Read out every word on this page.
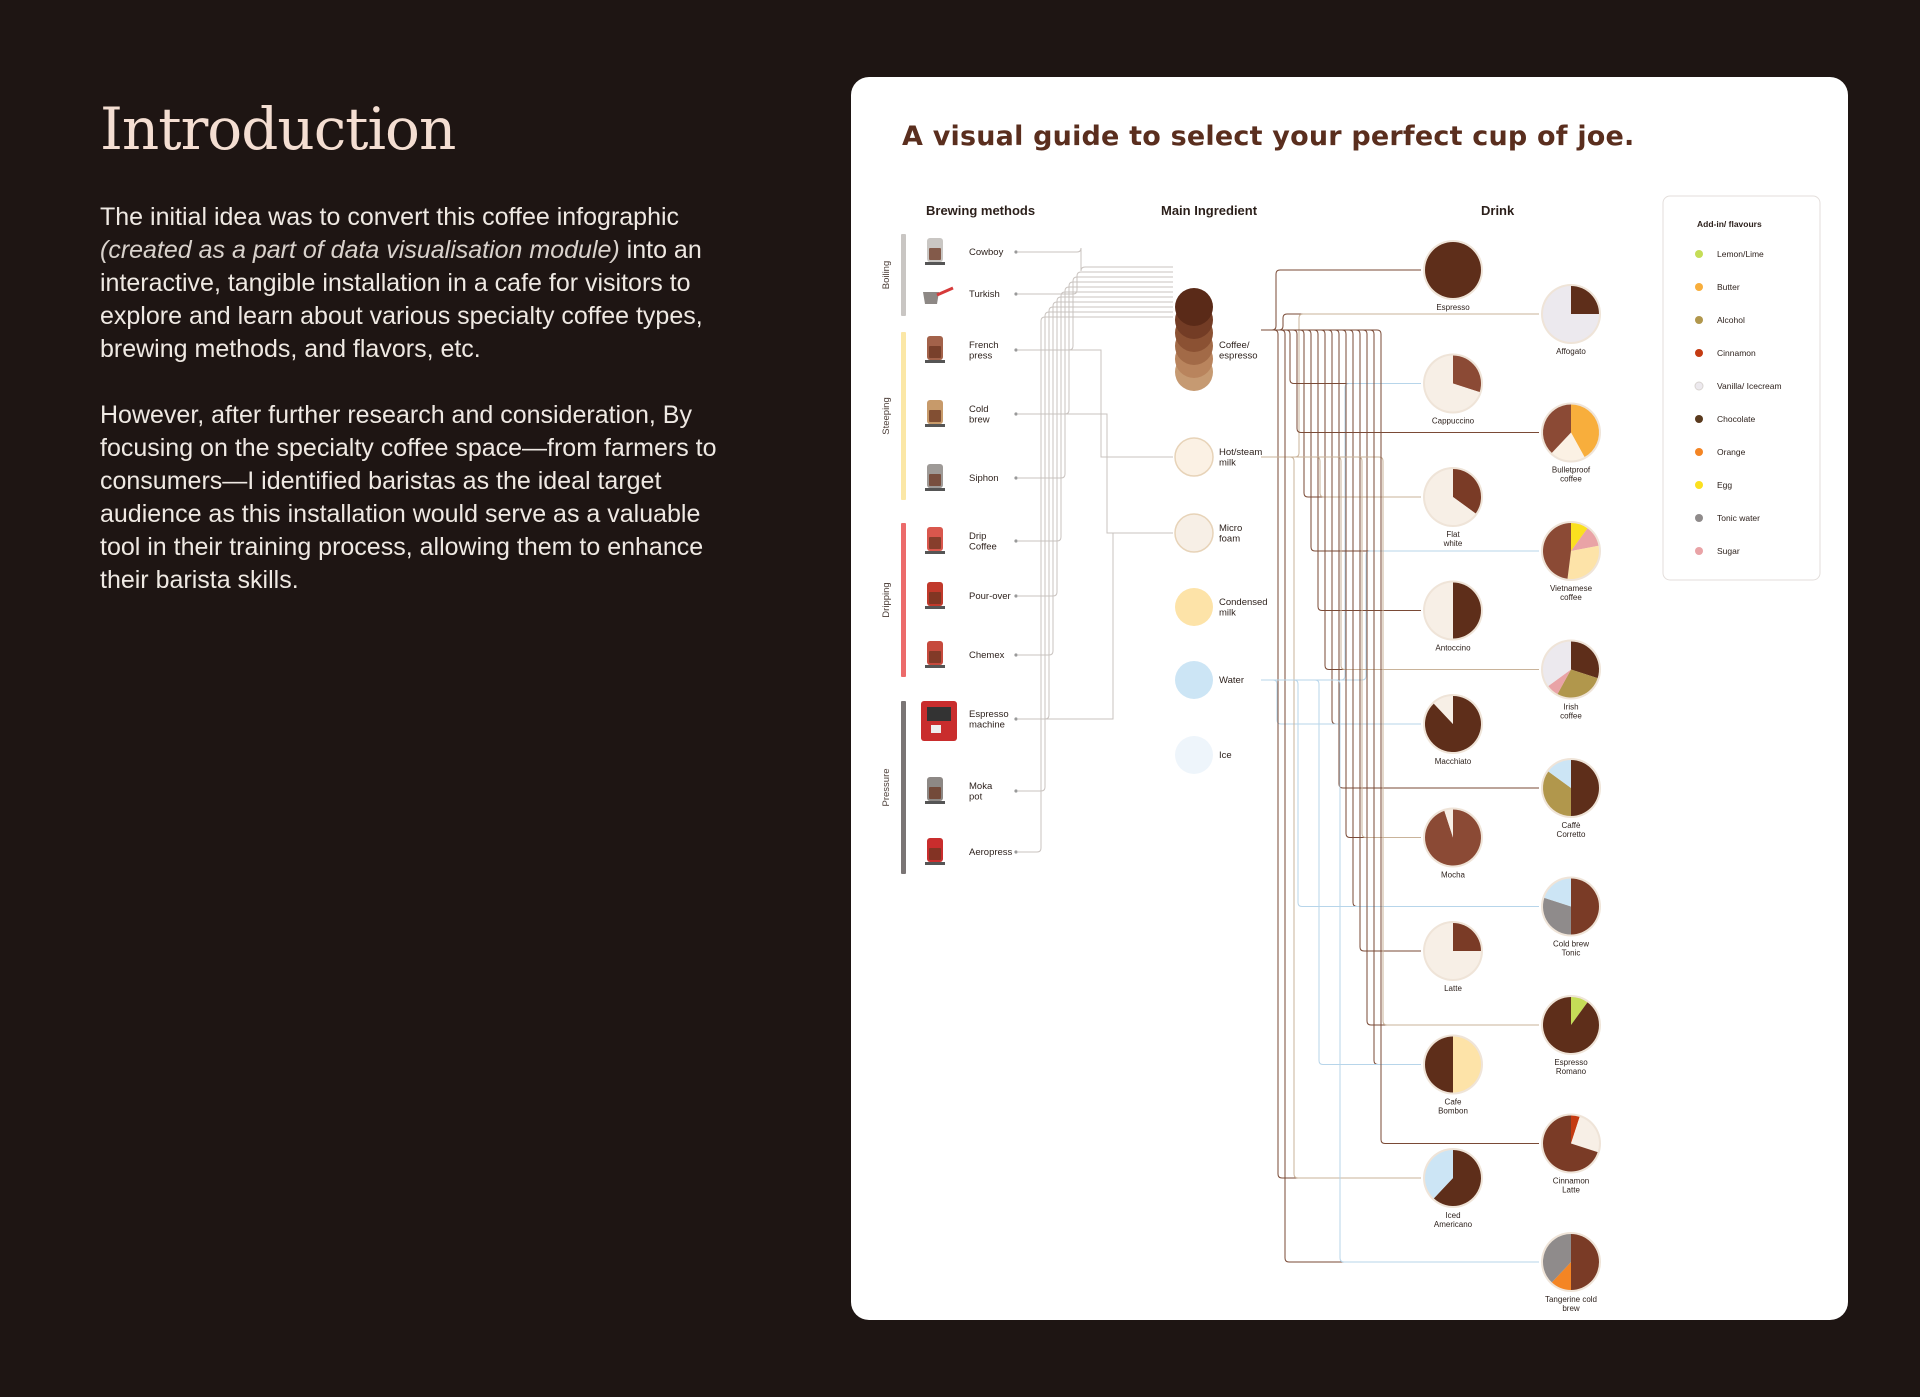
Introduction

The initial idea was to convert this coffee infographic (created as a part of data visualisation module) into an interactive, tangible installation in a cafe for visitors to explore and learn about various specialty coffee types, brewing methods, and flavors, etc.

However, after further research and consideration, By focusing on the specialty coffee space—from farmers to consumers—I identified baristas as the ideal target audience as this installation would serve as a valuable tool in their training process, allowing them to enhance their barista skills.

A visual guide to select your perfect cup of joe.
Brewing methods	Main Ingredient	Drink
Boiling
Steeping
Dripping
Pressure
Cowboy
Turkish
French press
Cold brew
Siphon
Drip Coffee
Pour-over
Chemex
Espresso machine
Moka pot
Aeropress
Coffee/ espresso
Hot/steam milk
Micro foam
Condensed milk
Water
Ice
Espresso
Affogato
Cappuccino
Bulletproof coffee
Flat white
Vietnamese coffee
Antoccino
Irish coffee
Macchiato
Caffè Corretto
Mocha
Cold brew Tonic
Latte
Espresso Romano
Cafe Bombon
Cinnamon Latte
Iced Americano
Tangerine cold brew
Add-in/ flavours
Lemon/Lime
Butter
Alcohol
Cinnamon
Vanilla/ Icecream
Chocolate
Orange
Egg
Tonic water
Sugar
